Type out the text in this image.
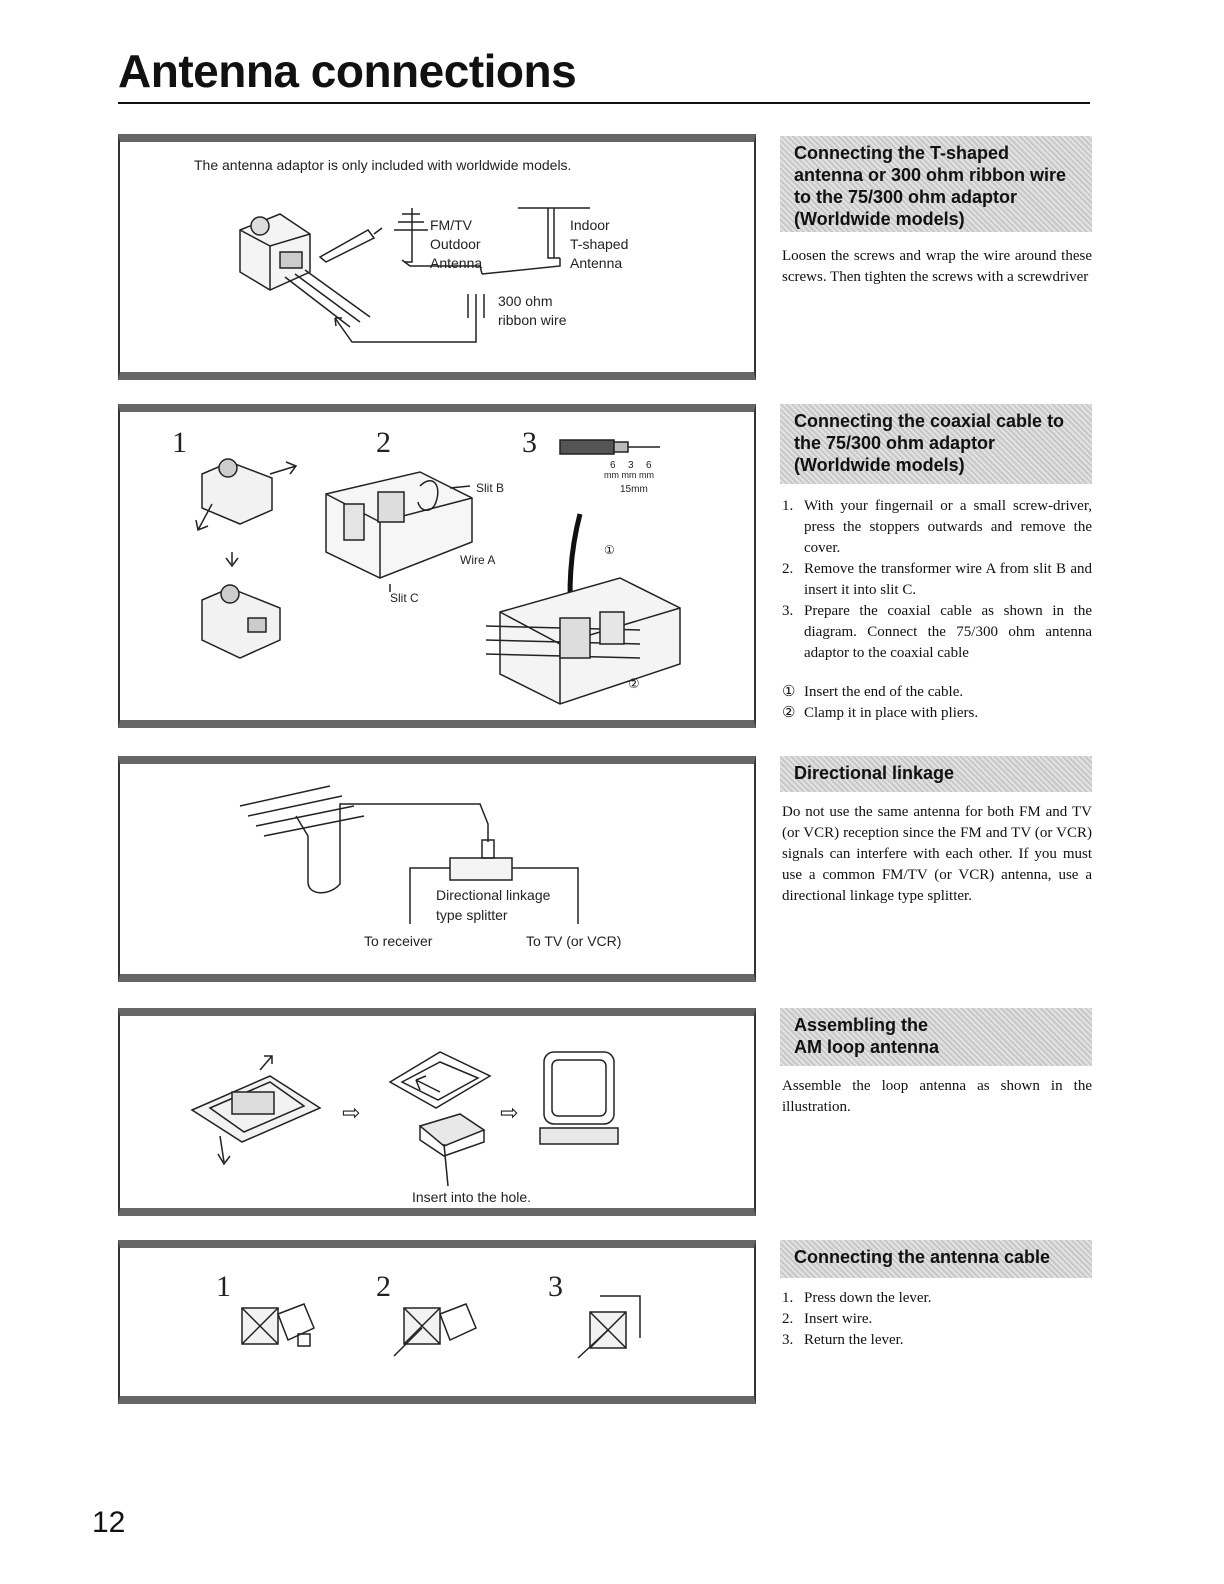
Antenna connections
The antenna adaptor is only included with worldwide models.
FM/TV
Outdoor
Antenna
Indoor
T-shaped
Antenna
300 ohm
ribbon wire
1	2	3
Slit B
Wire A
Slit C
6 3 6
mm mm mm
15mm
①
②
Directional linkage
type splitter
To receiver	To TV (or VCR)
⇨	⇨
Insert into the hole.
1	2	3
Connecting the T-shaped antenna or 300 ohm ribbon wire to the 75/300 ohm adaptor (Worldwide models)

Loosen the screws and wrap the wire around these screws. Then tighten the screws with a screwdriver

Connecting the coaxial cable to the 75/300 ohm adaptor (Worldwide models)
1. With your fingernail or a small screw-driver, press the stoppers outwards and remove the cover.
2. Remove the transformer wire A from slit B and insert it into slit C.
3. Prepare the coaxial cable as shown in the diagram. Connect the 75/300 ohm antenna adaptor to the coaxial cable
① Insert the end of the cable.
② Clamp it in place with pliers.
Directional linkage

Do not use the same antenna for both FM and TV (or VCR) reception since the FM and TV (or VCR) signals can interfere with each other. If you must use a common FM/TV (or VCR) antenna, use a directional linkage type splitter.

Assembling the AM loop antenna

Assemble the loop antenna as shown in the illustration.

Connecting the antenna cable
1. Press down the lever.
2. Insert wire.
3. Return the lever.

12
